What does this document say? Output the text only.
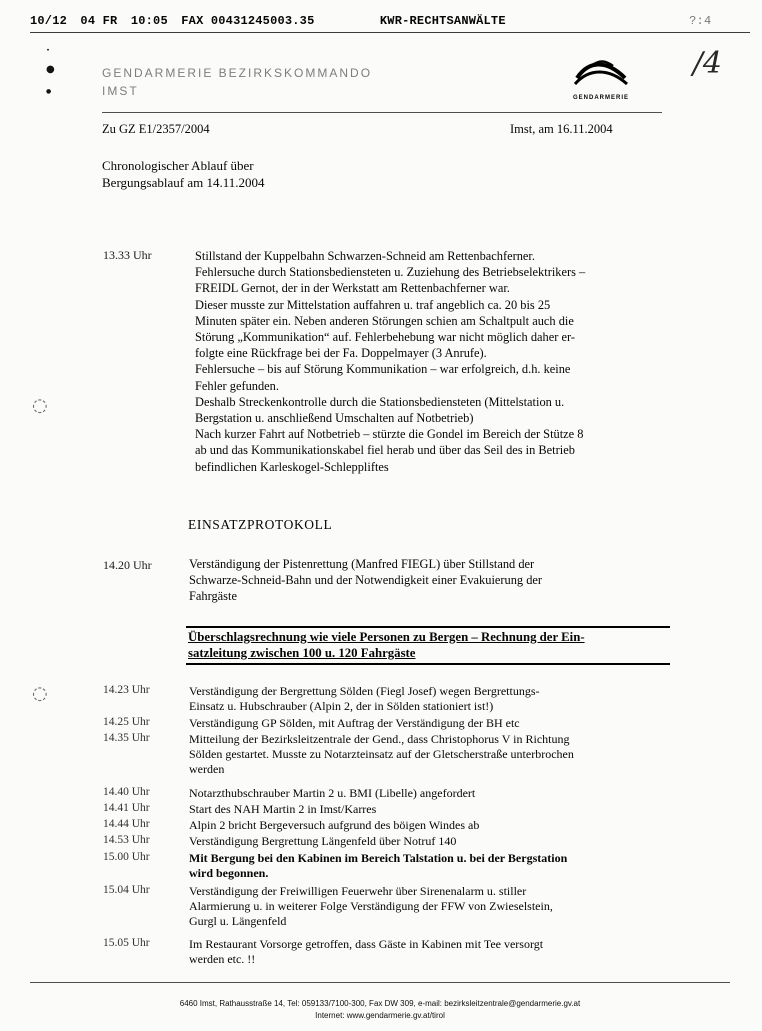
10/12 04 FR 10:05 FAX 00431245003.35	KWR-RECHTSANWÄLTE	?:4
˙
●
●
◌
◌
GENDARMERIE BEZIRKSKOMMANDO
IMST	GENDARMERIE
/4
Zu GZ E1/2357/2004	Imst, am 16.11.2004
Chronologischer Ablauf über
Bergungsablauf am 14.11.2004
13.33 Uhr	Stillstand der Kuppelbahn Schwarzen-Schneid am Rettenbachferner.
Fehlersuche durch Stationsbediensteten u. Zuziehung des Betriebselektrikers –
FREIDL Gernot, der in der Werkstatt am Rettenbachferner war.
Dieser musste zur Mittelstation auffahren u. traf angeblich ca. 20 bis 25
Minuten später ein. Neben anderen Störungen schien am Schaltpult auch die
Störung „Kommunikation“ auf. Fehlerbehebung war nicht möglich daher er-
folgte eine Rückfrage bei der Fa. Doppelmayer (3 Anrufe).
Fehlersuche – bis auf Störung Kommunikation – war erfolgreich, d.h. keine
Fehler gefunden.
Deshalb Streckenkontrolle durch die Stationsbediensteten (Mittelstation u.
Bergstation u. anschließend Umschalten auf Notbetrieb)
Nach kurzer Fahrt auf Notbetrieb – stürzte die Gondel im Bereich der Stütze 8
ab und das Kommunikationskabel fiel herab und über das Seil des in Betrieb
befindlichen Karleskogel-Schleppliftes
EINSATZPROTOKOLL
14.20 Uhr	Verständigung der Pistenrettung (Manfred FIEGL) über Stillstand der
Schwarze-Schneid-Bahn und der Notwendigkeit einer Evakuierung der
Fahrgäste
Überschlagsrechnung wie viele Personen zu Bergen – Rechnung der Ein-
satzleitung zwischen 100 u. 120 Fahrgäste
14.23 Uhr	Verständigung der Bergrettung Sölden (Fiegl Josef) wegen Bergrettungs-
Einsatz u. Hubschrauber (Alpin 2, der in Sölden stationiert ist!)
14.25 Uhr	Verständigung GP Sölden, mit Auftrag der Verständigung der BH etc
14.35 Uhr	Mitteilung der Bezirksleitzentrale der Gend., dass Christophorus V in Richtung
Sölden gestartet. Musste zu Notarzteinsatz auf der Gletscherstraße unterbrochen
werden
14.40 Uhr	Notarzthubschrauber Martin 2 u. BMI (Libelle) angefordert
14.41 Uhr	Start des NAH Martin 2 in Imst/Karres
14.44 Uhr	Alpin 2 bricht Bergeversuch aufgrund des böigen Windes ab
14.53 Uhr	Verständigung Bergrettung Längenfeld über Notruf 140
15.00 Uhr	Mit Bergung bei den Kabinen im Bereich Talstation u. bei der Bergstation
wird begonnen.
15.04 Uhr	Verständigung der Freiwilligen Feuerwehr über Sirenenalarm u. stiller
Alarmierung u. in weiterer Folge Verständigung der FFW von Zwieselstein,
Gurgl u. Längenfeld
15.05 Uhr	Im Restaurant Vorsorge getroffen, dass Gäste in Kabinen mit Tee versorgt
werden etc. !!
6460 Imst, Rathausstraße 14, Tel: 059133/7100-300, Fax DW 309, e-mail: bezirksleitzentrale@gendarmerie.gv.at
Internet: www.gendarmerie.gv.at/tirol
